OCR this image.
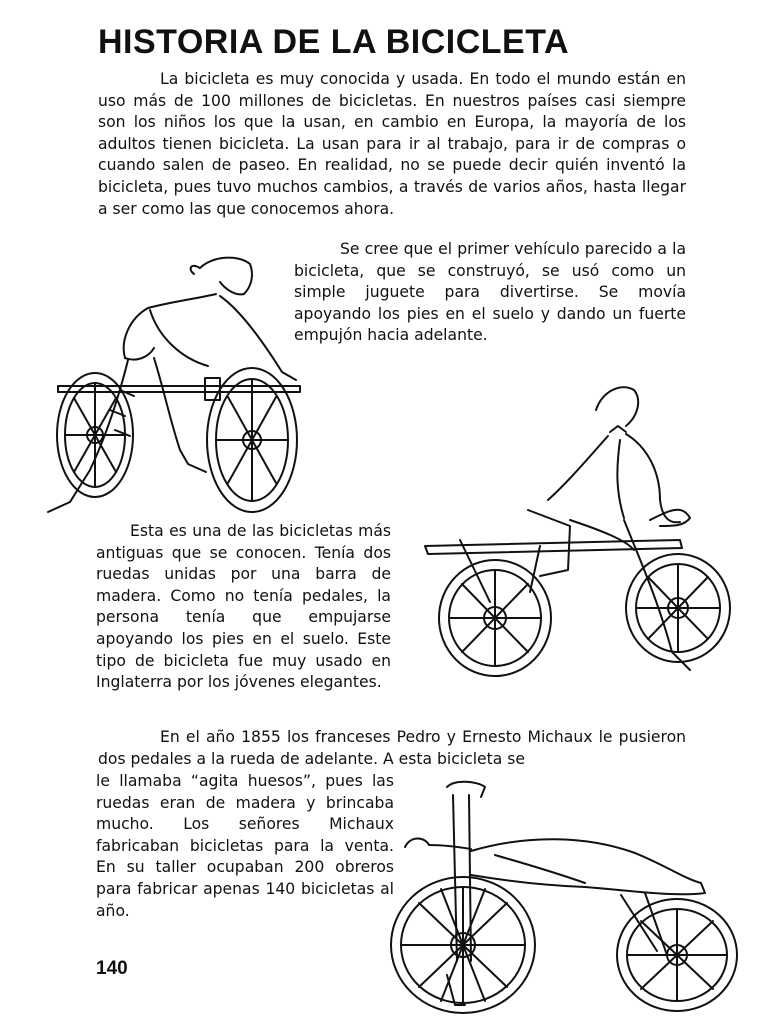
HISTORIA DE LA BICICLETA

La bicicleta es muy conocida y usada. En todo el mundo están en uso más de 100 millones de bicicletas. En nuestros países casi siempre son los niños los que la usan, en cambio en Europa, la mayoría de los adultos tienen bicicleta. La usan para ir al trabajo, para ir de compras o cuando salen de paseo. En realidad, no se puede decir quién inventó la bicicleta, pues tuvo muchos cambios, a través de varios años, hasta llegar a ser como las que conocemos ahora.

Se cree que el primer vehículo parecido a la bicicleta, que se construyó, se usó como un simple juguete para divertirse. Se movía apoyando los pies en el suelo y dando un fuerte empujón hacia adelante.

Esta es una de las bicicletas más antiguas que se conocen. Tenía dos ruedas unidas por una barra de madera. Como no tenía pedales, la persona tenía que empujarse apoyando los pies en el suelo. Este tipo de bicicleta fue muy usado en Inglaterra por los jóvenes elegantes.

En el año 1855 los franceses Pedro y Ernesto Michaux le pusieron dos pedales a la rueda de adelante. A esta bicicleta se

le llamaba “agita huesos”, pues las ruedas eran de madera y brincaba mucho. Los señores Michaux fabricaban bicicletas para la venta. En su taller ocupaban 200 obreros para fabricar apenas 140 bicicletas al año.

140
